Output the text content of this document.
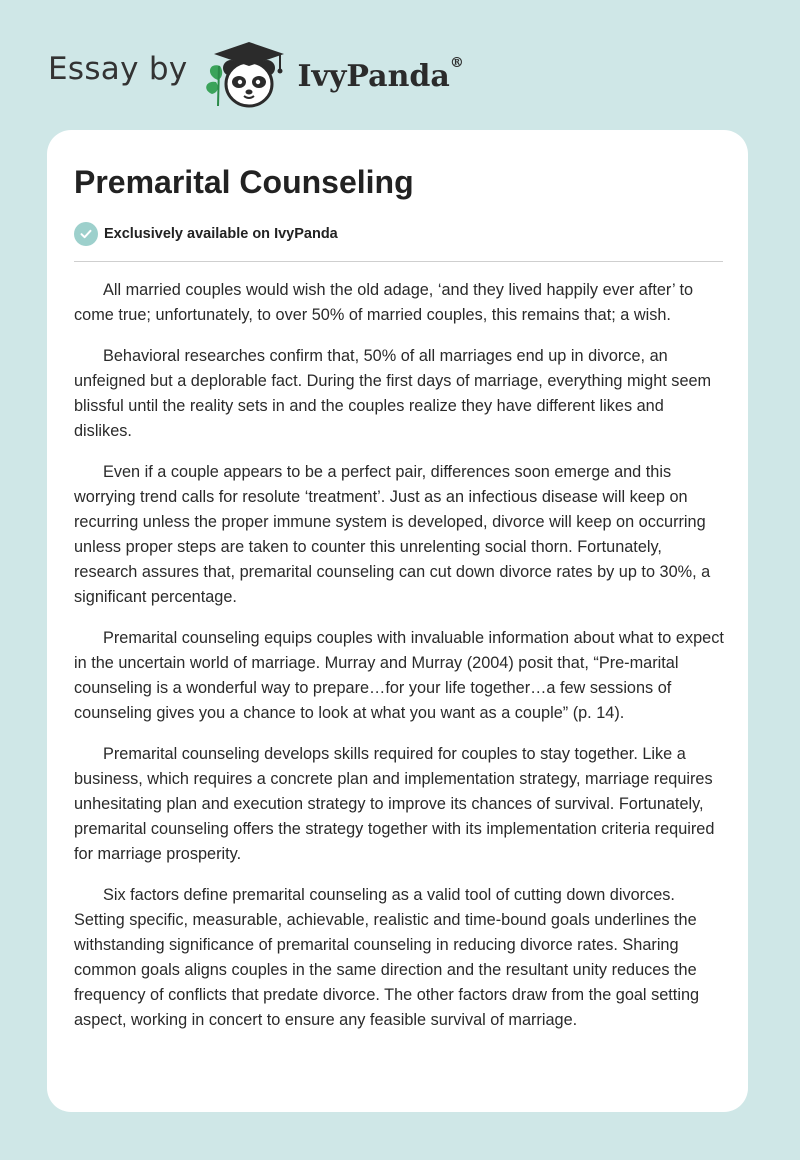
Essay by	IvyPanda®
Premarital Counseling
Exclusively available on IvyPanda

All married couples would wish the old adage, ‘and they lived happily ever after’ to come true; unfortunately, to over 50% of married couples, this remains that; a wish.

Behavioral researches confirm that, 50% of all marriages end up in divorce, an unfeigned but a deplorable fact. During the first days of marriage, everything might seem blissful until the reality sets in and the couples realize they have different likes and dislikes.

Even if a couple appears to be a perfect pair, differences soon emerge and this worrying trend calls for resolute ‘treatment’. Just as an infectious disease will keep on recurring unless the proper immune system is developed, divorce will keep on occurring unless proper steps are taken to counter this unrelenting social thorn. Fortunately, research assures that, premarital counseling can cut down divorce rates by up to 30%, a significant percentage.

Premarital counseling equips couples with invaluable information about what to expect in the uncertain world of marriage. Murray and Murray (2004) posit that, “Pre-marital counseling is a wonderful way to prepare…for your life together…a few sessions of counseling gives you a chance to look at what you want as a couple” (p. 14).

Premarital counseling develops skills required for couples to stay together. Like a business, which requires a concrete plan and implementation strategy, marriage requires unhesitating plan and execution strategy to improve its chances of survival. Fortunately, premarital counseling offers the strategy together with its implementation criteria required for marriage prosperity.

Six factors define premarital counseling as a valid tool of cutting down divorces. Setting specific, measurable, achievable, realistic and time-bound goals underlines the withstanding significance of premarital counseling in reducing divorce rates. Sharing common goals aligns couples in the same direction and the resultant unity reduces the frequency of conflicts that predate divorce. The other factors draw from the goal setting aspect, working in concert to ensure any feasible survival of marriage.
